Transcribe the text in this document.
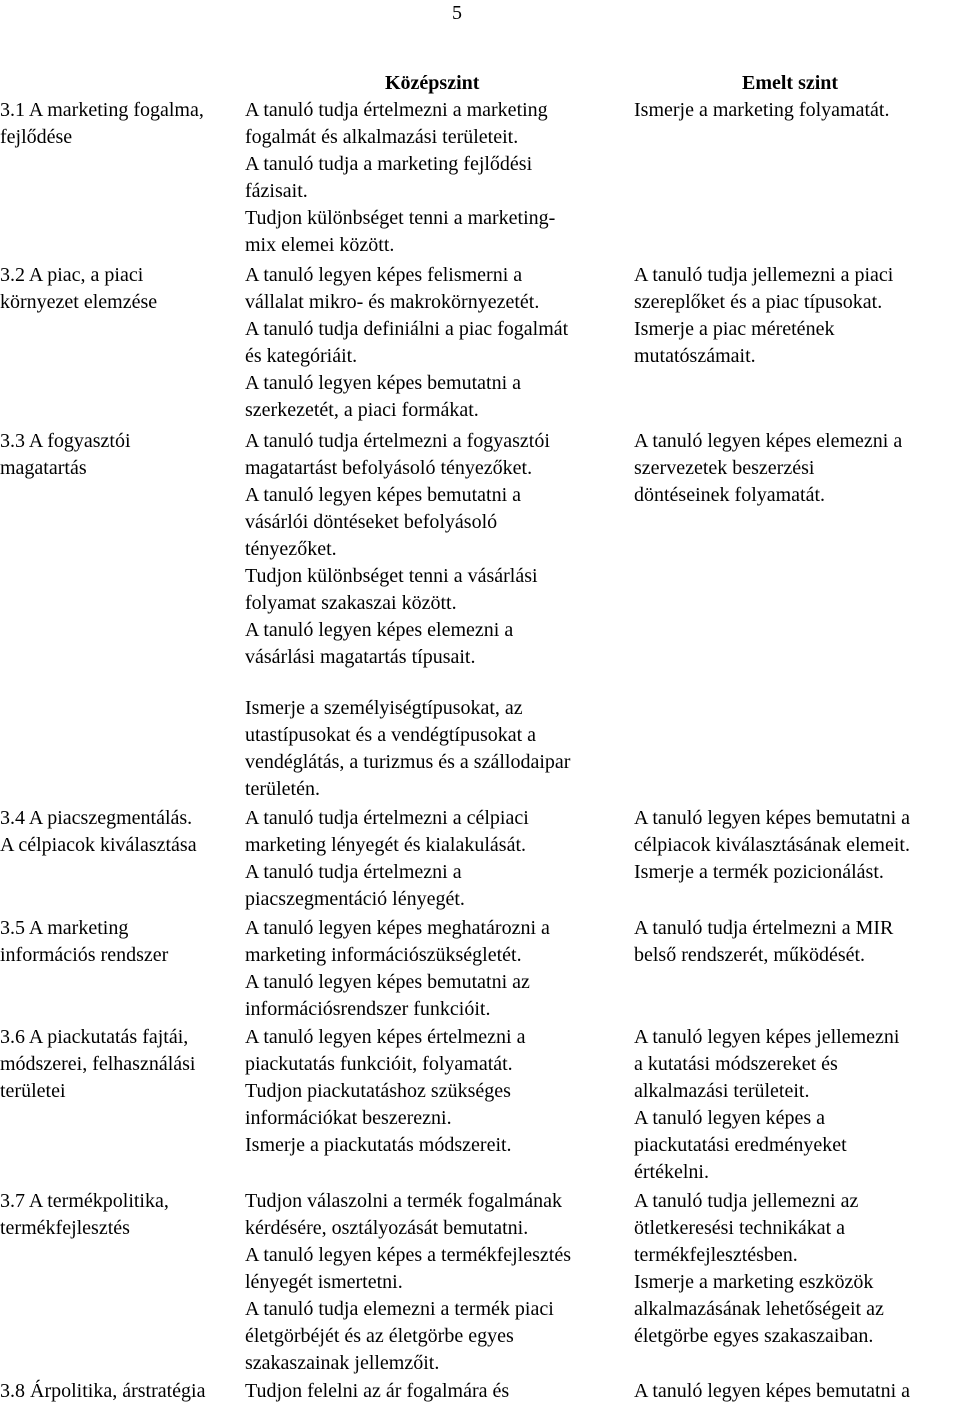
5
Középszint	Emelt szint
3.1 A marketing fogalma,
fejlődése
A tanuló tudja értelmezni a marketing
fogalmát és alkalmazási területeit.
A tanuló tudja a marketing fejlődési
fázisait.
Tudjon különbséget tenni a marketing-
mix elemei között.
Ismerje a marketing folyamatát.
3.2 A piac, a piaci
környezet elemzése
A tanuló legyen képes felismerni a
vállalat mikro- és makrokörnyezetét.
A tanuló tudja definiálni a piac fogalmát
és kategóriáit.
A tanuló legyen képes bemutatni a
szerkezetét, a piaci formákat.
A tanuló tudja jellemezni a piaci
szereplőket és a piac típusokat.
Ismerje a piac méretének
mutatószámait.
3.3 A fogyasztói
magatartás
A tanuló tudja értelmezni a fogyasztói
magatartást befolyásoló tényezőket.
A tanuló legyen képes bemutatni a
vásárlói döntéseket befolyásoló
tényezőket.
Tudjon különbséget tenni a vásárlási
folyamat szakaszai között.
A tanuló legyen képes elemezni a
vásárlási magatartás típusait.
A tanuló legyen képes elemezni a
szervezetek beszerzési
döntéseinek folyamatát.
Ismerje a személyiségtípusokat, az
utastípusokat és a vendégtípusokat a
vendéglátás, a turizmus és a szállodaipar
területén.
3.4 A piacszegmentálás.
A célpiacok kiválasztása
A tanuló tudja értelmezni a célpiaci
marketing lényegét és kialakulását.
A tanuló tudja értelmezni a
piacszegmentáció lényegét.
A tanuló legyen képes bemutatni a
célpiacok kiválasztásának elemeit.
Ismerje a termék pozicionálást.
3.5 A marketing
információs rendszer
A tanuló legyen képes meghatározni a
marketing információszükségletét.
A tanuló legyen képes bemutatni az
információsrendszer funkcióit.
A tanuló tudja értelmezni a MIR
belső rendszerét, működését.
3.6 A piackutatás fajtái,
módszerei, felhasználási
területei
A tanuló legyen képes értelmezni a
piackutatás funkcióit, folyamatát.
Tudjon piackutatáshoz szükséges
információkat beszerezni.
Ismerje a piackutatás módszereit.
A tanuló legyen képes jellemezni
a kutatási módszereket és
alkalmazási területeit.
A tanuló legyen képes a
piackutatási eredményeket
értékelni.
3.7 A termékpolitika,
termékfejlesztés
Tudjon válaszolni a termék fogalmának
kérdésére, osztályozását bemutatni.
A tanuló legyen képes a termékfejlesztés
lényegét ismertetni.
A tanuló tudja elemezni a termék piaci
életgörbéjét és az életgörbe egyes
szakaszainak jellemzőit.
A tanuló tudja jellemezni az
ötletkeresési technikákat a
termékfejlesztésben.
Ismerje a marketing eszközök
alkalmazásának lehetőségeit az
életgörbe egyes szakaszaiban.
3.8 Árpolitika, árstratégia Tudjon felelni az ár fogalmára és	A tanuló legyen képes bemutatni a
